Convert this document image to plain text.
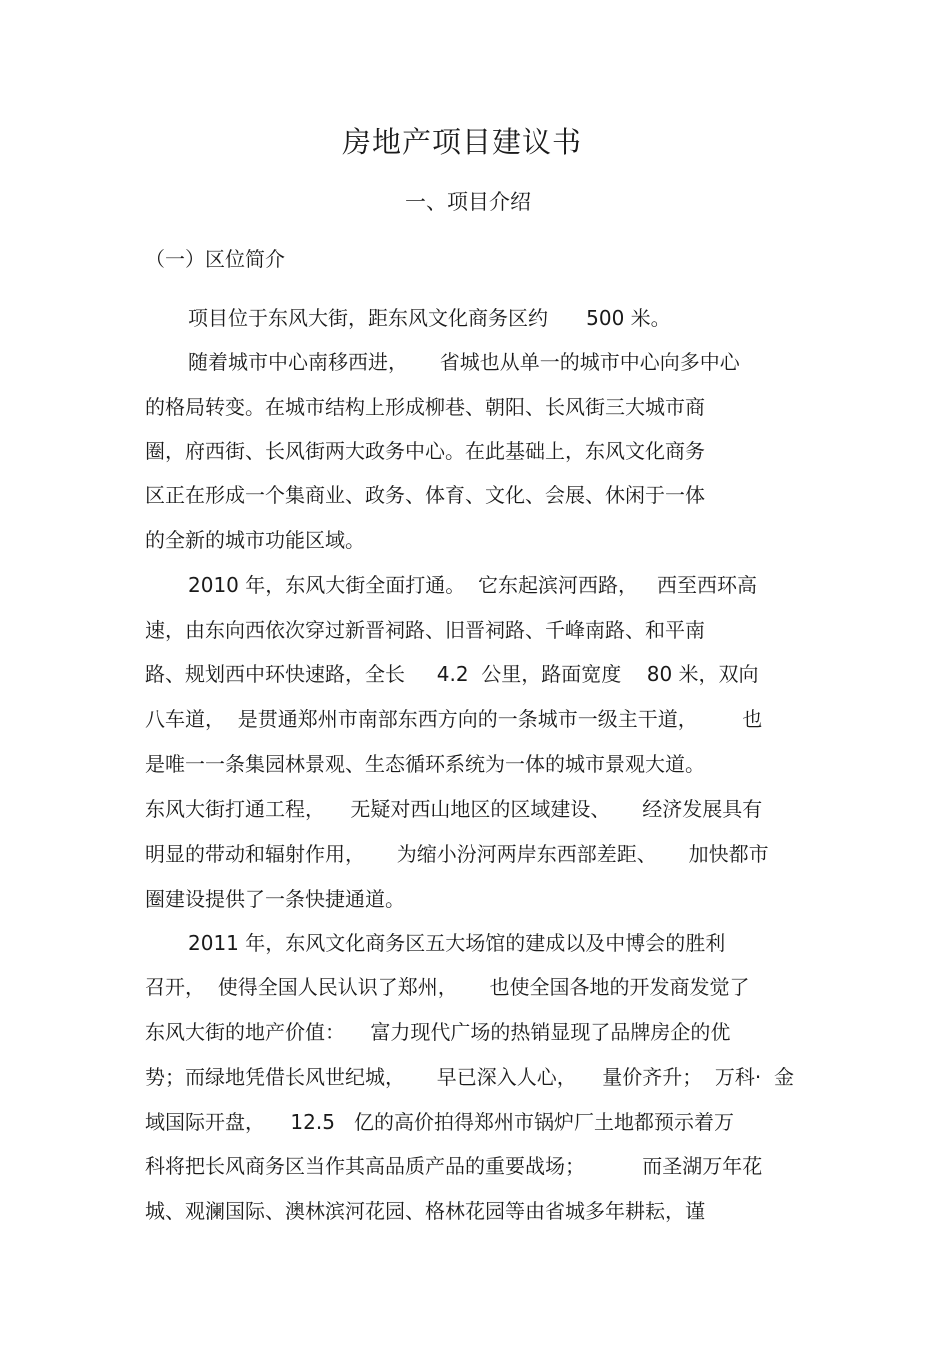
房地产项目建议书
一、项目介绍
（一）区位简介
项目位于东风大街，距东风文化商务区约      500 米。
随着城市中心南移西进，     省城也从单一的城市中心向多中心
的格局转变。在城市结构上形成柳巷、朝阳、长风街三大城市商
圈，府西街、长风街两大政务中心。在此基础上，东风文化商务
区正在形成一个集商业、政务、体育、文化、会展、休闲于一体
的全新的城市功能区域。
2010 年，东风大街全面打通。  它东起滨河西路，   西至西环高
速，由东向西依次穿过新晋祠路、旧晋祠路、千峰南路、和平南
路、规划西中环快速路，全长     4.2  公里，路面宽度    80 米，双向
八车道，  是贯通郑州市南部东西方向的一条城市一级主干道，       也
是唯一一条集园林景观、生态循环系统为一体的城市景观大道。
东风大街打通工程，    无疑对西山地区的区域建设、     经济发展具有
明显的带动和辐射作用，     为缩小汾河两岸东西部差距、     加快都市
圈建设提供了一条快捷通道。
2011 年，东风文化商务区五大场馆的建成以及中博会的胜利
召开，  使得全国人民认识了郑州，     也使全国各地的开发商发觉了
东风大街的地产价值：    富力现代广场的热销显现了品牌房企的优
势；而绿地凭借长风世纪城，     早已深入人心，    量价齐升；  万科·  金
域国际开盘，    12.5   亿的高价拍得郑州市锅炉厂土地都预示着万
科将把长风商务区当作其高品质产品的重要战场；         而圣湖万年花
城、观澜国际、澳林滨河花园、格林花园等由省城多年耕耘，谨
